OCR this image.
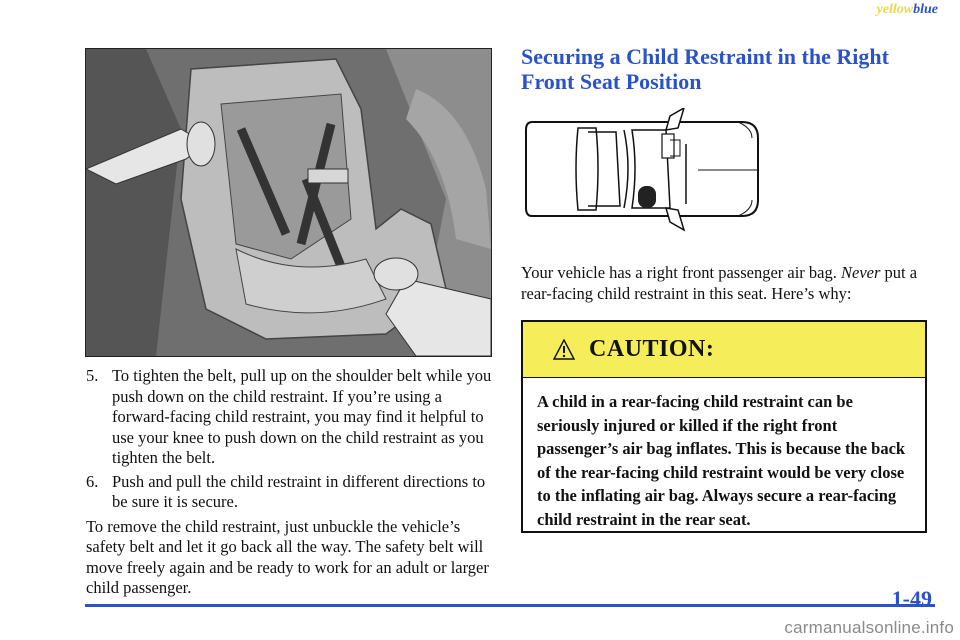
yellowblue
5. To tighten the belt, pull up on the shoulder belt while you push down on the child restraint. If you’re using a forward-facing child restraint, you may find it helpful to use your knee to push down on the child restraint as you tighten the belt.
6. Push and pull the child restraint in different directions to be sure it is secure.
To remove the child restraint, just unbuckle the vehicle’s safety belt and let it go back all the way. The safety belt will move freely again and be ready to work for an adult or larger child passenger.
Securing a Child Restraint in the Right Front Seat Position
Your vehicle has a right front passenger air bag. Never put a rear-facing child restraint in this seat. Here’s why:
CAUTION:
A child in a rear-facing child restraint can be seriously injured or killed if the right front passenger’s air bag inflates. This is because the back of the rear-facing child restraint would be very close to the inflating air bag. Always secure a rear-facing child restraint in the rear seat.
1-49
carmanualsonline.info
